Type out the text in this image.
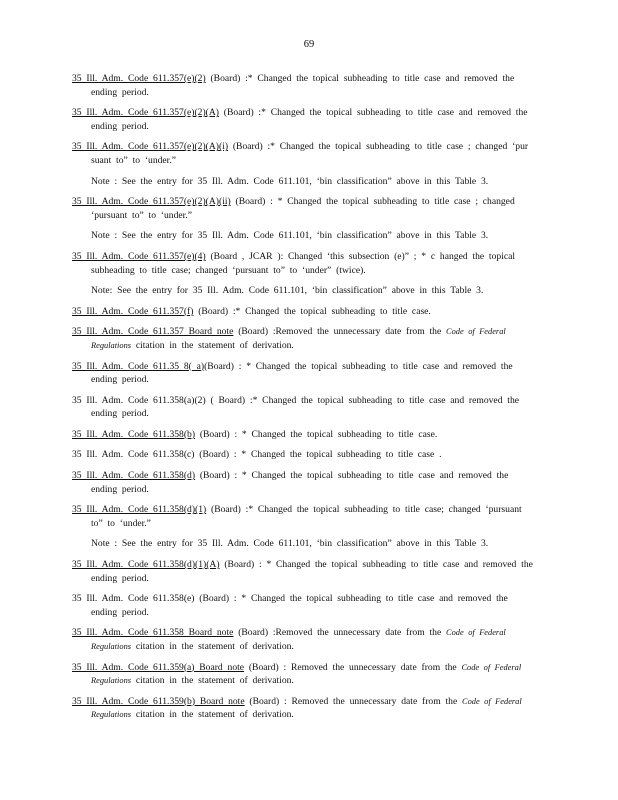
69
35 Ill. Adm. Code 611.357(e)(2) (Board) :* Changed the topical subheading to title case and removed the ending period.
35 Ill. Adm. Code 611.357(e)(2)(A) (Board) :* Changed the topical subheading to title case and removed the ending period.
35 Ill. Adm. Code 611.357(e)(2)(A)(i) (Board) :* Changed the topical subheading to title case ; changed ‘pur suant to” to ‘under.”
Note : See the entry for 35 Ill. Adm. Code 611.101, ‘bin classification” above in this Table 3.
35 Ill. Adm. Code 611.357(e)(2)(A)(ii) (Board) : * Changed the topical subheading to title case ; changed ‘pursuant to” to ‘under.”
Note : See the entry for 35 Ill. Adm. Code 611.101, ‘bin classification” above in this Table 3.
35 Ill. Adm. Code 611.357(e)(4) (Board , JCAR ): Changed ‘this subsection (e)” ; * c hanged the topical subheading to title case; changed ‘pursuant to” to ‘under” (twice).
Note: See the entry for 35 Ill. Adm. Code 611.101, ‘bin classification” above in this Table 3.
35 Ill. Adm. Code 611.357(f) (Board) :* Changed the topical subheading to title case.
35 Ill. Adm. Code 611.357 Board note (Board) :Removed the unnecessary date from the Code of Federal Regulations citation in the statement of derivation.
35 Ill. Adm. Code 611.35 8( a)(Board) : * Changed the topical subheading to title case and removed the ending period.
35 Ill. Adm. Code 611.358(a)(2) ( Board) :* Changed the topical subheading to title case and removed the ending period.
35 Ill. Adm. Code 611.358(b) (Board) : * Changed the topical subheading to title case.
35 Ill. Adm. Code 611.358(c) (Board) : * Changed the topical subheading to title case .
35 Ill. Adm. Code 611.358(d) (Board) : * Changed the topical subheading to title case and removed the ending period.
35 Ill. Adm. Code 611.358(d)(1) (Board) :* Changed the topical subheading to title case; changed ‘pursuant to” to ‘under.”
Note : See the entry for 35 Ill. Adm. Code 611.101, ‘bin classification” above in this Table 3.
35 Ill. Adm. Code 611.358(d)(1)(A) (Board) : * Changed the topical subheading to title case and removed the ending period.
35 Ill. Adm. Code 611.358(e) (Board) : * Changed the topical subheading to title case and removed the ending period.
35 Ill. Adm. Code 611.358 Board note (Board) :Removed the unnecessary date from the Code of Federal Regulations citation in the statement of derivation.
35 Ill. Adm. Code 611.359(a) Board note (Board) : Removed the unnecessary date from the Code of Federal Regulations citation in the statement of derivation.
35 Ill. Adm. Code 611.359(b) Board note (Board) : Removed the unnecessary date from the Code of Federal Regulations citation in the statement of derivation.
